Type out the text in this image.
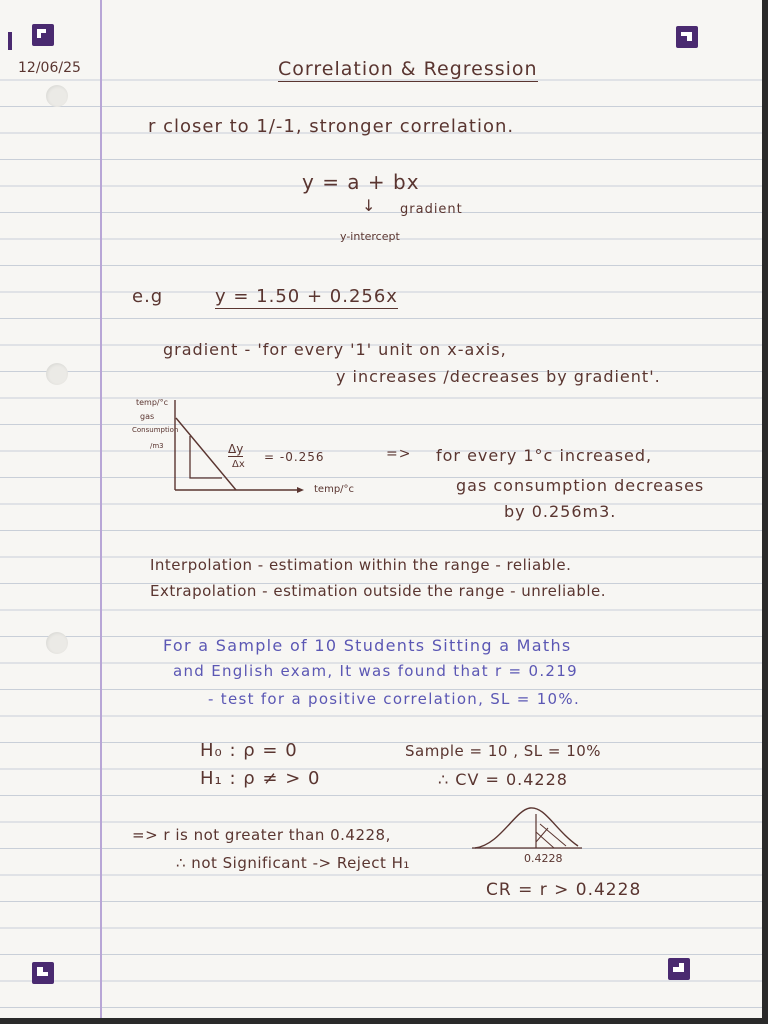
12/06/25	Correlation & Regression
r closer to 1/-1, stronger correlation.
y = a + bx
↓ gradient
y-intercept
e.g	y = 1.50 + 0.256x
gradient - 'for every '1' unit on x-axis,
y increases /decreases by gradient'.
temp/°c
gas
Consumption
/m3	Δy
Δx
= -0.256
temp/°c
=> for every 1°c increased,
gas consumption decreases
by 0.256m3.
Interpolation - estimation within the range - reliable.
Extrapolation - estimation outside the range - unreliable.
For a Sample of 10 Students Sitting a Maths
and English exam, It was found that r = 0.219
- test for a positive correlation, SL = 10%.
H₀ : ρ = 0
H₁ : ρ ≠ > 0
Sample = 10 , SL = 10%
∴ CV = 0.4228
=> r is not greater than 0.4228,
∴ not Significant -> Reject H₁	0.4228
CR = r > 0.4228
